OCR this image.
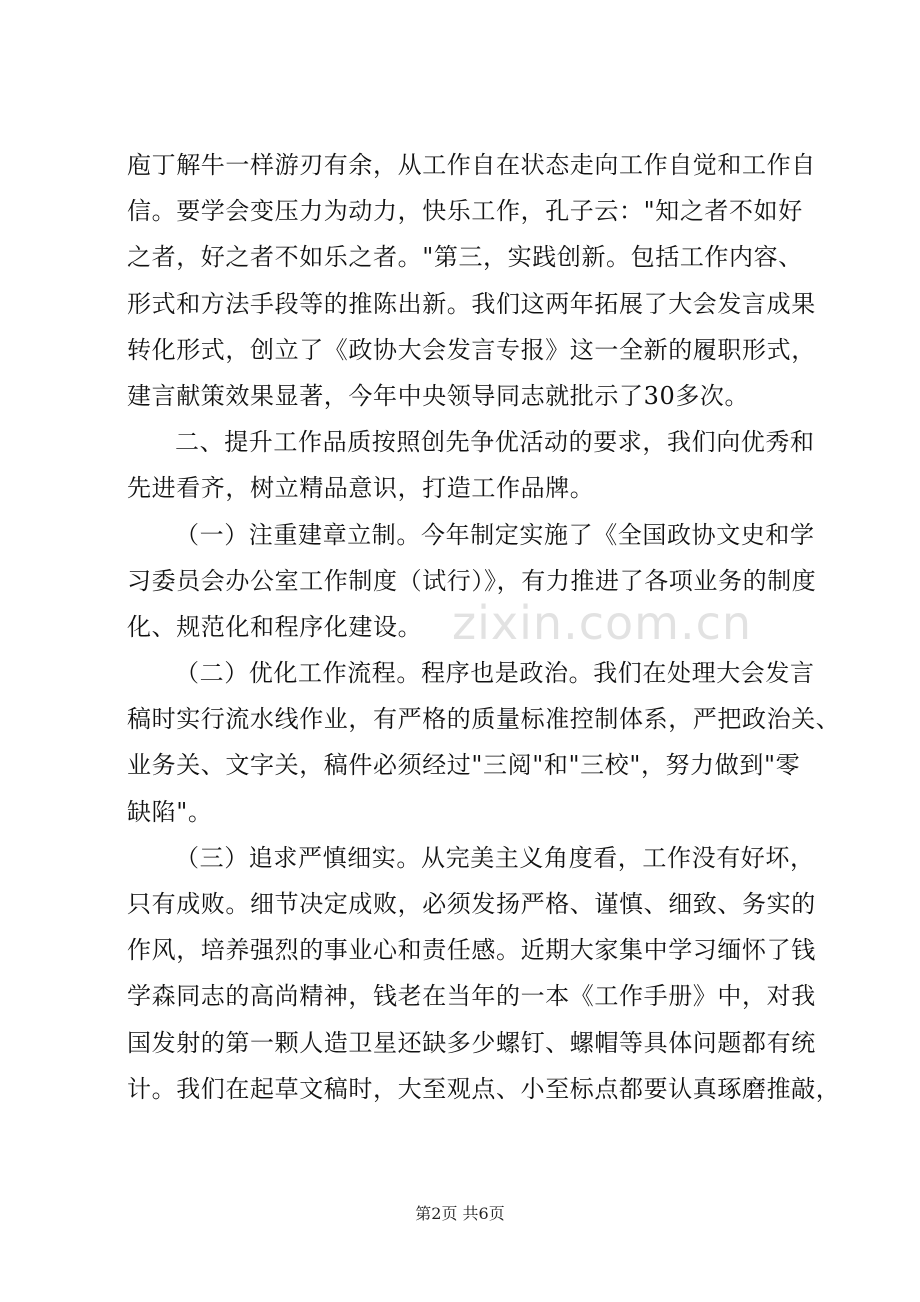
庖丁解牛一样游刃有余，从工作自在状态走向工作自觉和工作自
信。要学会变压力为动力，快乐工作，孔子云："知之者不如好
之者，好之者不如乐之者。"第三，实践创新。包括工作内容、
形式和方法手段等的推陈出新。我们这两年拓展了大会发言成果
转化形式，创立了《政协大会发言专报》这一全新的履职形式，
建言献策效果显著，今年中央领导同志就批示了30多次。
二、提升工作品质按照创先争优活动的要求，我们向优秀和
先进看齐，树立精品意识，打造工作品牌。
（一）注重建章立制。今年制定实施了《全国政协文史和学
习委员会办公室工作制度（试行）》，有力推进了各项业务的制度
化、规范化和程序化建设。
（二）优化工作流程。程序也是政治。我们在处理大会发言
稿时实行流水线作业，有严格的质量标准控制体系，严把政治关、
业务关、文字关，稿件必须经过"三阅"和"三校"，努力做到"零
缺陷"。
（三）追求严慎细实。从完美主义角度看，工作没有好坏，
只有成败。细节决定成败，必须发扬严格、谨慎、细致、务实的
作风，培养强烈的事业心和责任感。近期大家集中学习缅怀了钱
学森同志的高尚精神，钱老在当年的一本《工作手册》中，对我
国发射的第一颗人造卫星还缺多少螺钉、螺帽等具体问题都有统
计。我们在起草文稿时，大至观点、小至标点都要认真琢磨推敲，
zixin.com.cn
第2页 共6页
